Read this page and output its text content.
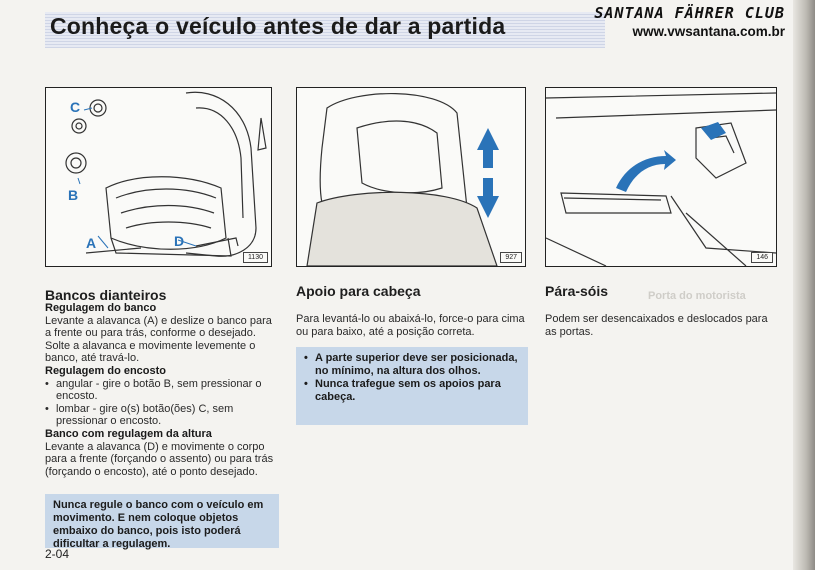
Conheça o veículo antes de dar a partida	SANTANA FÄHRER CLUB
www.vwsantana.com.br
C
B
A	D
1130	927	146
Bancos dianteiros
Regulagem do banco
Levante a alavanca (A) e deslize o banco para a frente ou para trás, conforme o desejado. Solte a alavanca e movimente levemente o banco, até travá-lo.
Regulagem do encosto
• angular - gire o botão B, sem pressionar o encosto.
• lombar - gire o(s) botão(ões) C, sem pressionar o encosto.
Banco com regulagem da altura
Levante a alavanca (D) e movimente o corpo para a frente (forçando o assento) ou para trás (forçando o encosto), até o ponto desejado.
Nunca regule o banco com o veículo em movimento. E nem coloque objetos embaixo do banco, pois isto poderá dificultar a regulagem.
2-04
Apoio para cabeça
Para levantá-lo ou abaixá-lo, force-o para cima ou para baixo, até a posição correta.
• A parte superior deve ser posicionada, no mínimo, na altura dos olhos.
• Nunca trafegue sem os apoios para cabeça.
Pára-sóis
Podem ser desencaixados e deslocados para as portas.
Porta do motorista
